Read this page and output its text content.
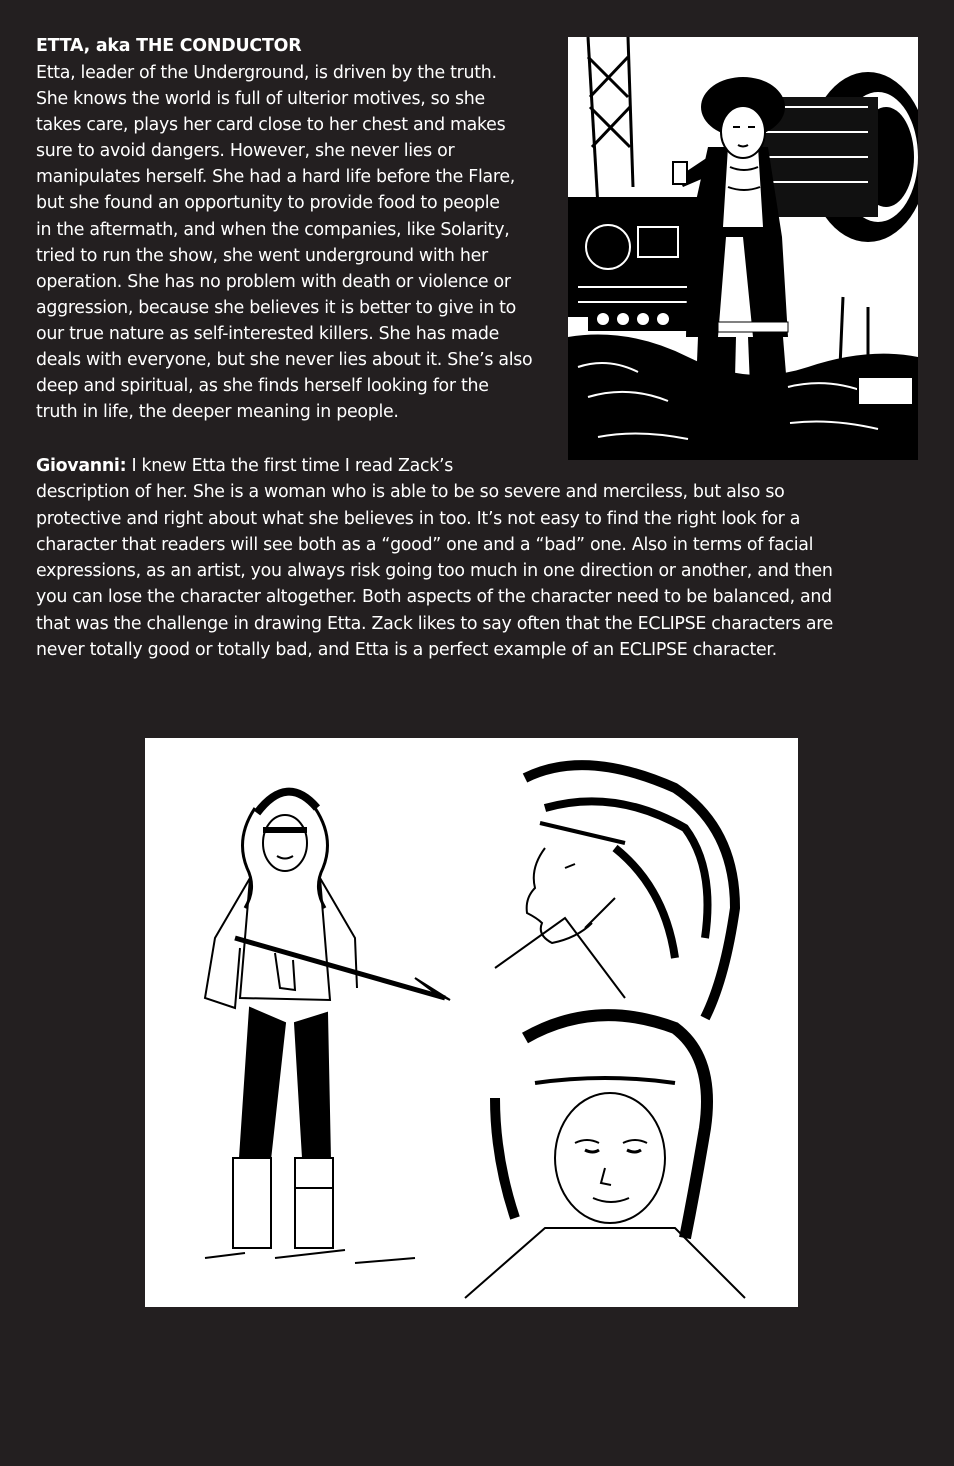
ETTA, aka THE CONDUCTOR
Etta, leader of the Underground, is driven by the truth.
She knows the world is full of ulterior motives, so she
takes care, plays her card close to her chest and makes
sure to avoid dangers. However, she never lies or
manipulates herself. She had a hard life before the Flare,
but she found an opportunity to provide food to people
in the aftermath, and when the companies, like Solarity,
tried to run the show, she went underground with her
operation. She has no problem with death or violence or
aggression, because she believes it is better to give in to
our true nature as self-interested killers. She has made
deals with everyone, but she never lies about it. She’s also
deep and spiritual, as she finds herself looking for the
truth in life, the deeper meaning in people.
Giovanni: I knew Etta the first time I read Zack’s
description of her. She is a woman who is able to be so severe and merciless, but also so
protective and right about what she believes in too. It’s not easy to find the right look for a
character that readers will see both as a “good” one and a “bad” one. Also in terms of facial
expressions, as an artist, you always risk going too much in one direction or another, and then
you can lose the character altogether. Both aspects of the character need to be balanced, and
that was the challenge in drawing Etta. Zack likes to say often that the ECLIPSE characters are
never totally good or totally bad, and Etta is a perfect example of an ECLIPSE character.
